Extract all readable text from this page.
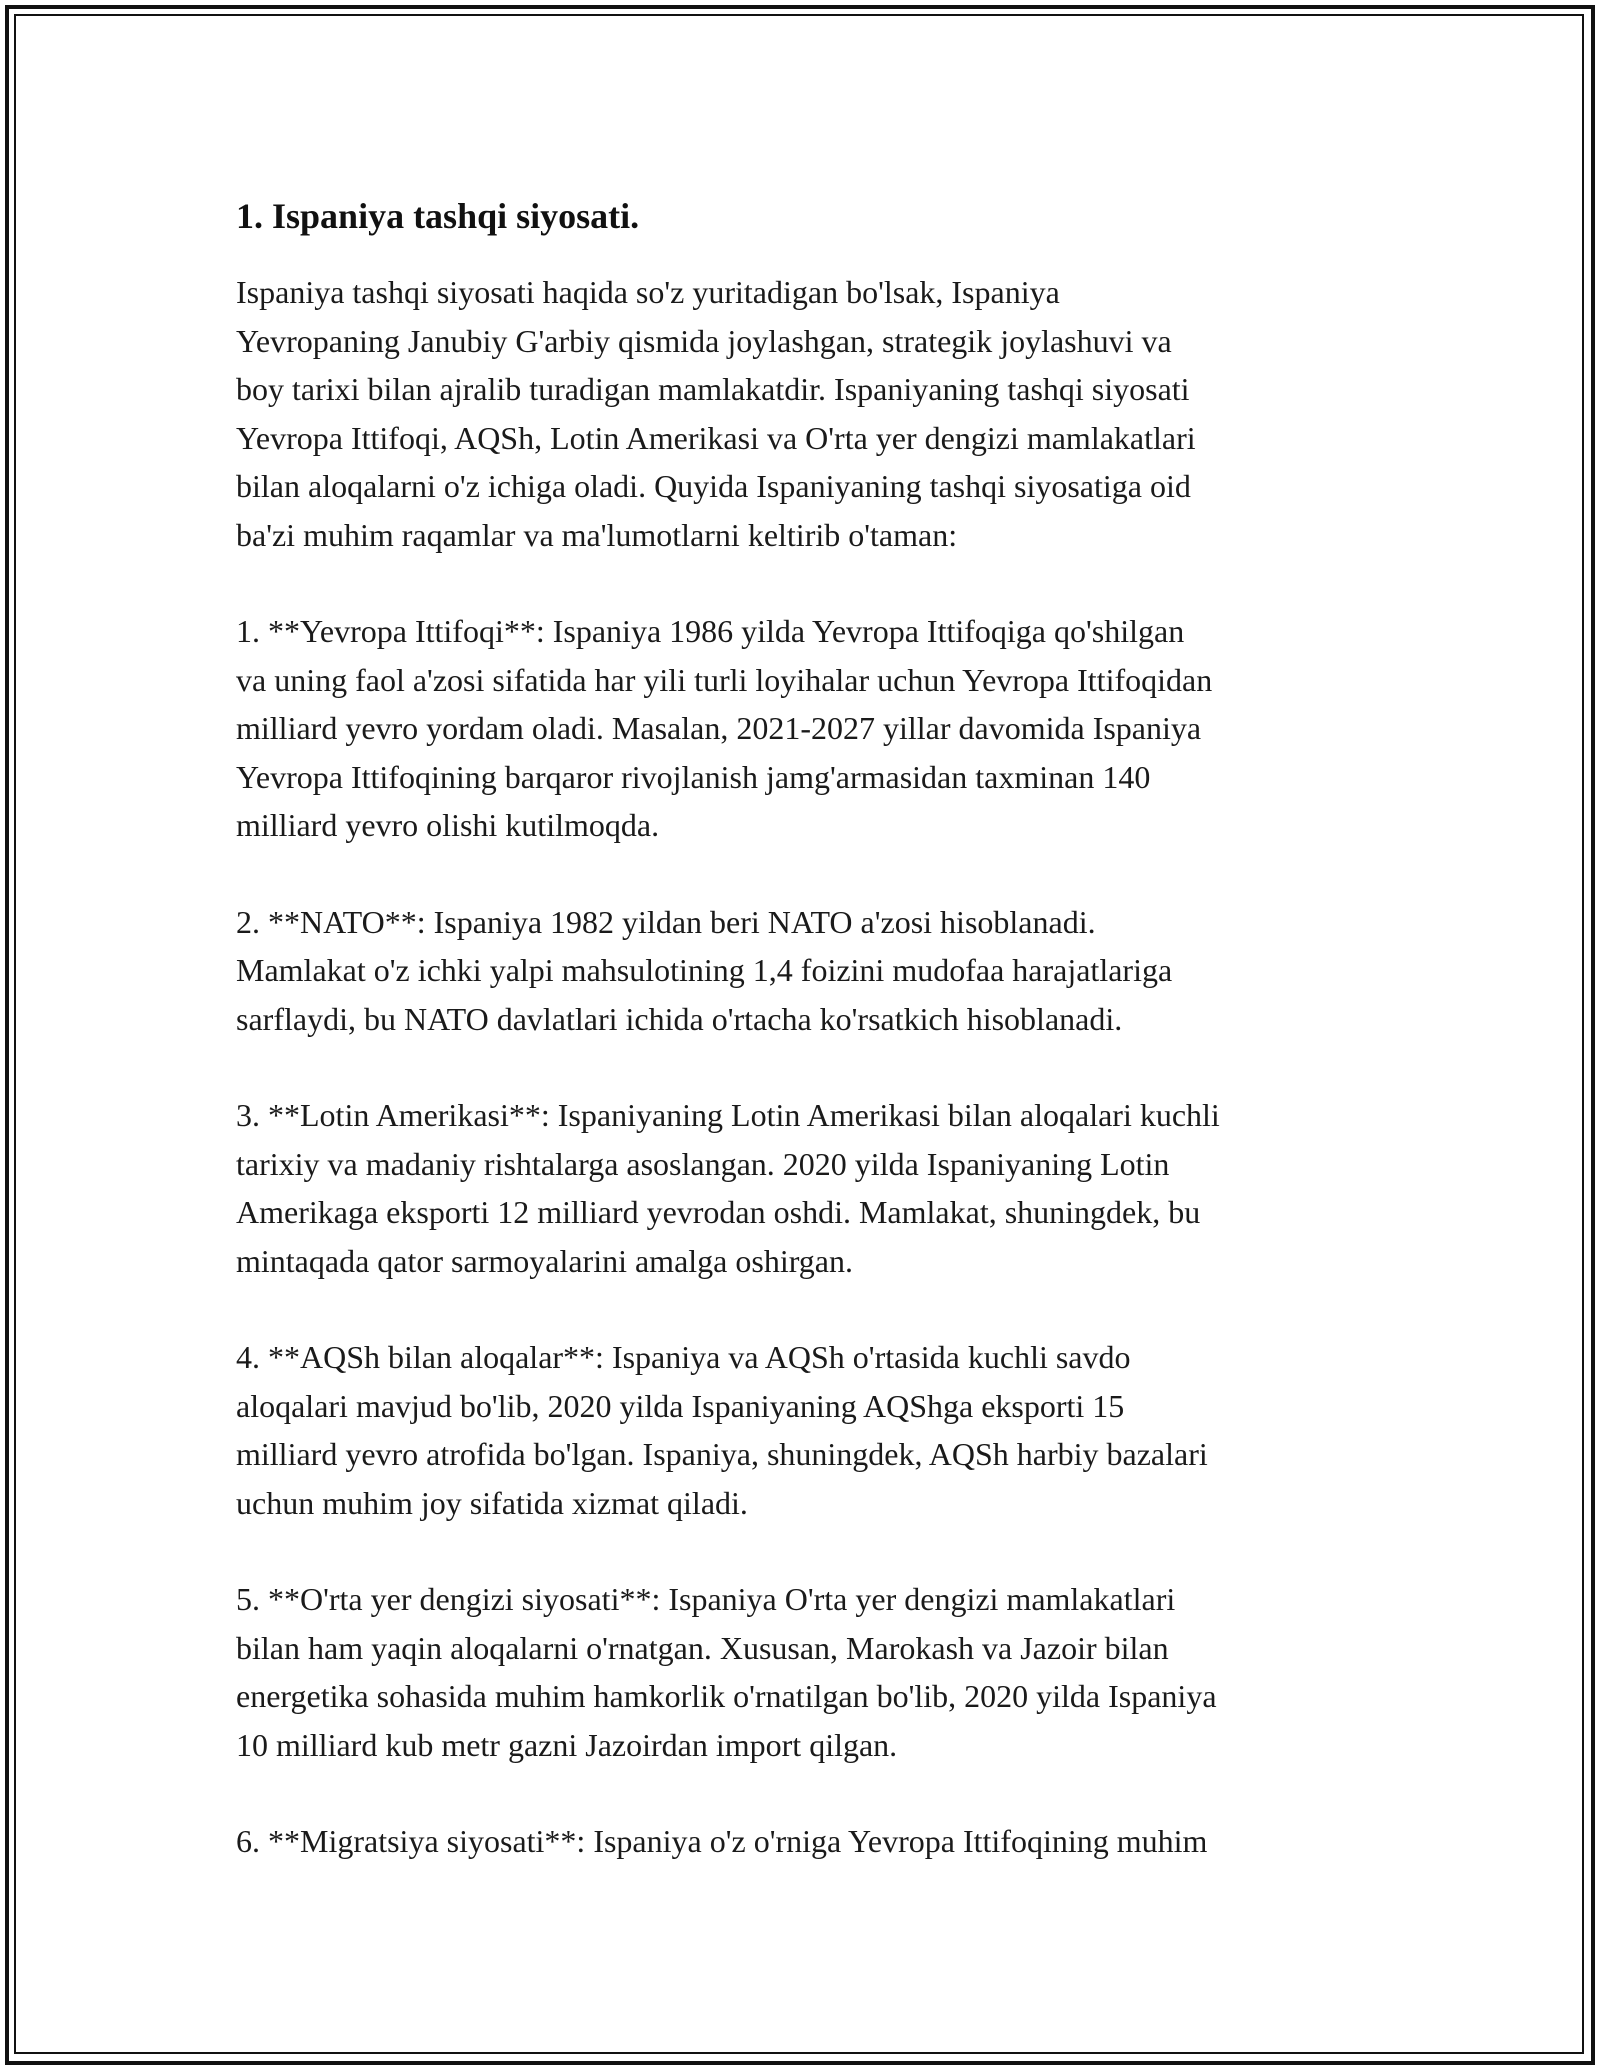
1. Ispaniya tashqi siyosati.

Ispaniya tashqi siyosati haqida so'z yuritadigan bo'lsak, Ispaniya
Yevropaning Janubiy G'arbiy qismida joylashgan, strategik joylashuvi va
boy tarixi bilan ajralib turadigan mamlakatdir. Ispaniyaning tashqi siyosati
Yevropa Ittifoqi, AQSh, Lotin Amerikasi va O'rta yer dengizi mamlakatlari
bilan aloqalarni o'z ichiga oladi. Quyida Ispaniyaning tashqi siyosatiga oid
ba'zi muhim raqamlar va ma'lumotlarni keltirib o'taman:

1. **Yevropa Ittifoqi**: Ispaniya 1986 yilda Yevropa Ittifoqiga qo'shilgan
va uning faol a'zosi sifatida har yili turli loyihalar uchun Yevropa Ittifoqidan
milliard yevro yordam oladi. Masalan, 2021-2027 yillar davomida Ispaniya
Yevropa Ittifoqining barqaror rivojlanish jamg'armasidan taxminan 140
milliard yevro olishi kutilmoqda.

2. **NATO**: Ispaniya 1982 yildan beri NATO a'zosi hisoblanadi.
Mamlakat o'z ichki yalpi mahsulotining 1,4 foizini mudofaa harajatlariga
sarflaydi, bu NATO davlatlari ichida o'rtacha ko'rsatkich hisoblanadi.

3. **Lotin Amerikasi**: Ispaniyaning Lotin Amerikasi bilan aloqalari kuchli
tarixiy va madaniy rishtalarga asoslangan. 2020 yilda Ispaniyaning Lotin
Amerikaga eksporti 12 milliard yevrodan oshdi. Mamlakat, shuningdek, bu
mintaqada qator sarmoyalarini amalga oshirgan.

4. **AQSh bilan aloqalar**: Ispaniya va AQSh o'rtasida kuchli savdo
aloqalari mavjud bo'lib, 2020 yilda Ispaniyaning AQShga eksporti 15
milliard yevro atrofida bo'lgan. Ispaniya, shuningdek, AQSh harbiy bazalari
uchun muhim joy sifatida xizmat qiladi.

5. **O'rta yer dengizi siyosati**: Ispaniya O'rta yer dengizi mamlakatlari
bilan ham yaqin aloqalarni o'rnatgan. Xususan, Marokash va Jazoir bilan
energetika sohasida muhim hamkorlik o'rnatilgan bo'lib, 2020 yilda Ispaniya
10 milliard kub metr gazni Jazoirdan import qilgan.

6. **Migratsiya siyosati**: Ispaniya o'z o'rniga Yevropa Ittifoqining muhim
